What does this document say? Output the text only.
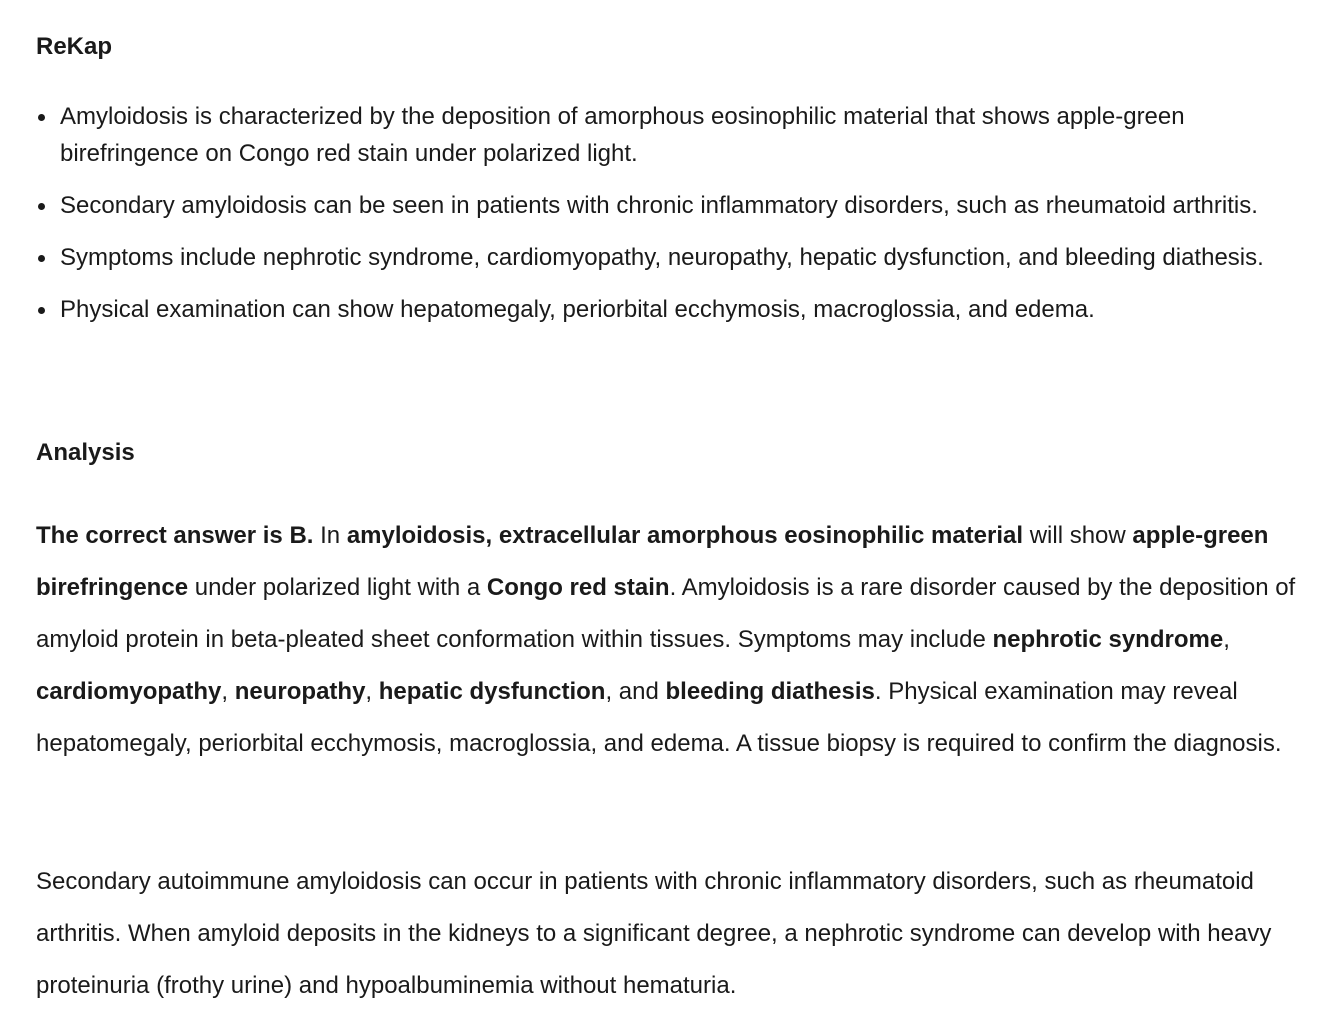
ReKap
Amyloidosis is characterized by the deposition of amorphous eosinophilic material that shows apple-green birefringence on Congo red stain under polarized light.
Secondary amyloidosis can be seen in patients with chronic inflammatory disorders, such as rheumatoid arthritis.
Symptoms include nephrotic syndrome, cardiomyopathy, neuropathy, hepatic dysfunction, and bleeding diathesis.
Physical examination can show hepatomegaly, periorbital ecchymosis, macroglossia, and edema.
Analysis

The correct answer is B. In amyloidosis, extracellular amorphous eosinophilic material will show apple-green birefringence under polarized light with a Congo red stain. Amyloidosis is a rare disorder caused by the deposition of amyloid protein in beta-pleated sheet conformation within tissues. Symptoms may include nephrotic syndrome, cardiomyopathy, neuropathy, hepatic dysfunction, and bleeding diathesis. Physical examination may reveal hepatomegaly, periorbital ecchymosis, macroglossia, and edema. A tissue biopsy is required to confirm the diagnosis.

Secondary autoimmune amyloidosis can occur in patients with chronic inflammatory disorders, such as rheumatoid arthritis. When amyloid deposits in the kidneys to a significant degree, a nephrotic syndrome can develop with heavy proteinuria (frothy urine) and hypoalbuminemia without hematuria.
